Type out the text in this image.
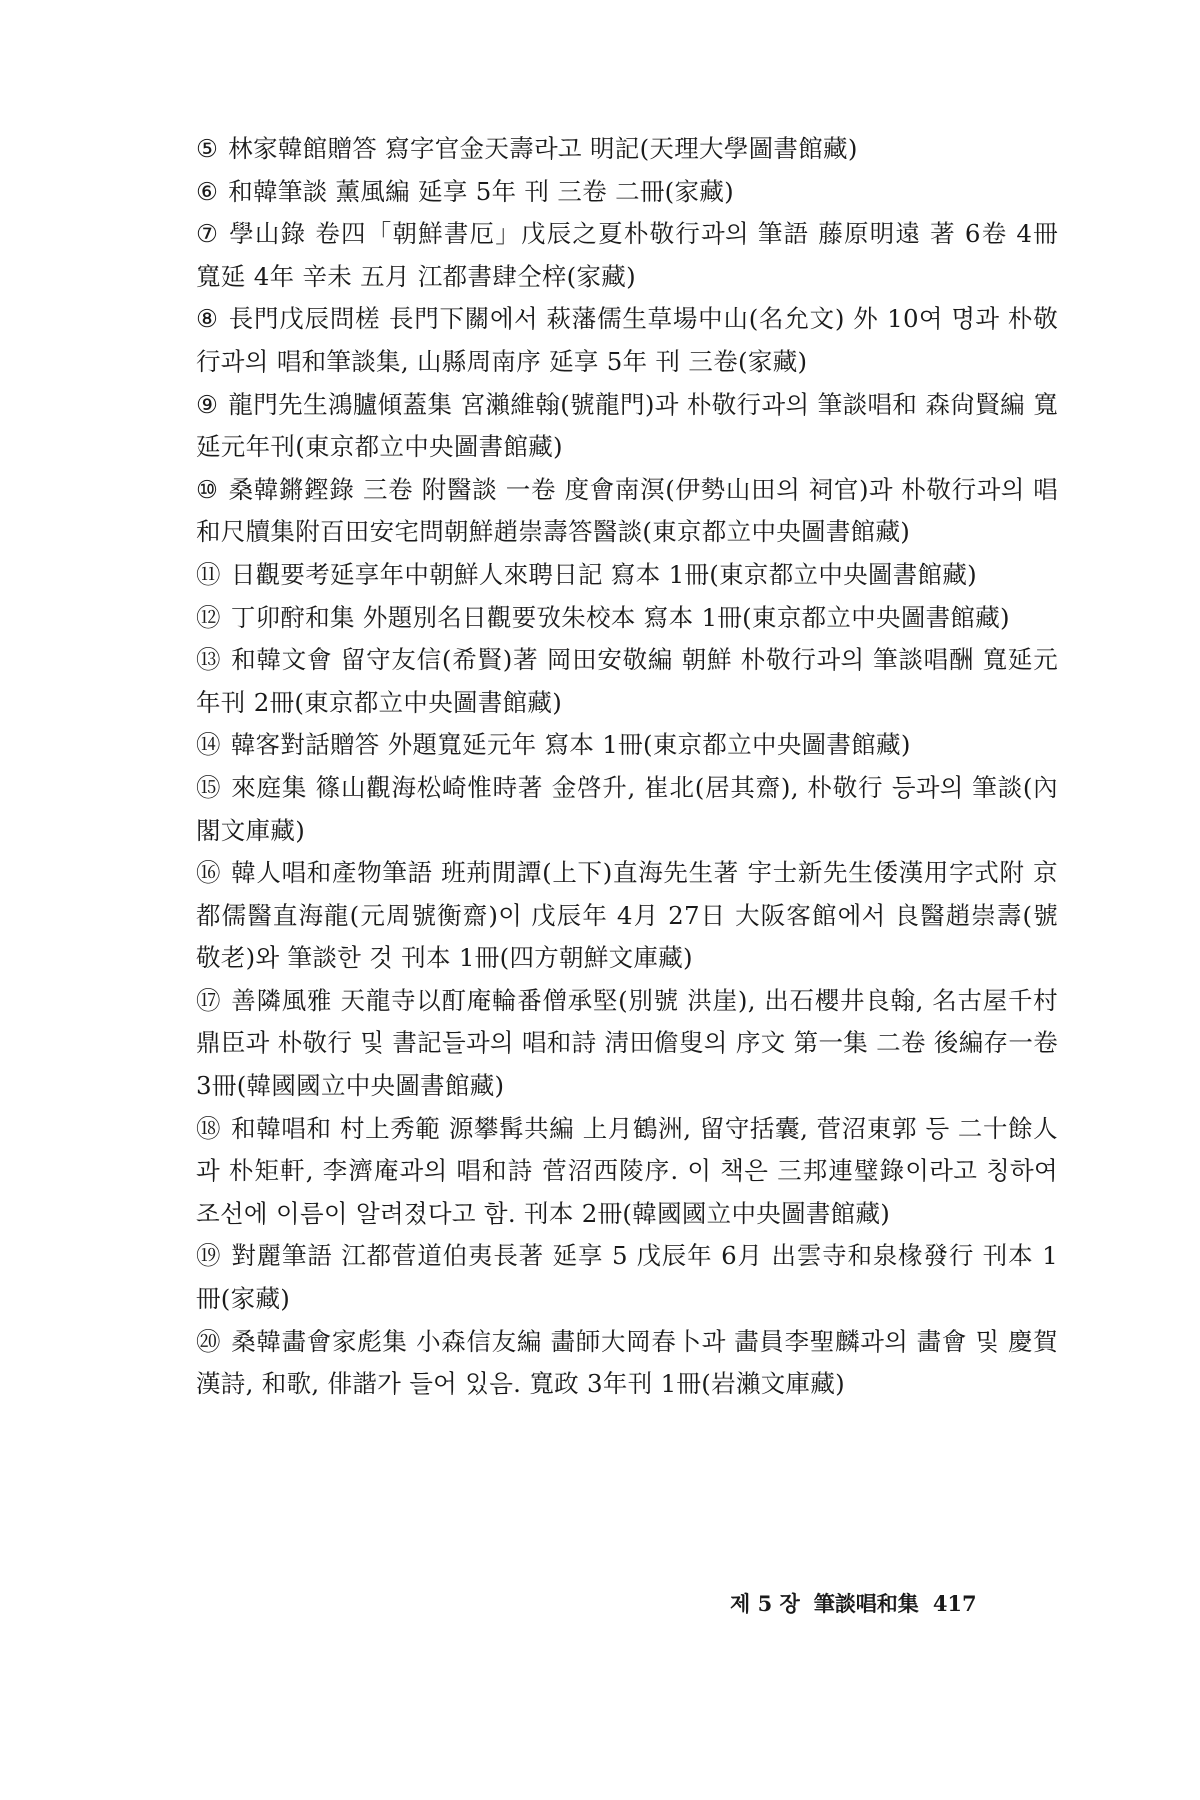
⑤ 林家韓館贈答 寫字官金天壽라고 明記(天理大學圖書館藏)
⑥ 和韓筆談 薰風編 延享 5年 刊 三卷 二冊(家藏)
⑦ 學山錄 卷四「朝鮮書厄」戊辰之夏朴敬行과의 筆語 藤原明遠 著 6卷 4冊 寬延 4年 辛未 五月 江都書肆仝梓(家藏)
⑧ 長門戊辰問槎 長門下關에서 萩藩儒生草場中山(名允文) 外 10여 명과 朴敬行과의 唱和筆談集, 山縣周南序 延享 5年 刊 三卷(家藏)
⑨ 龍門先生鴻臚傾蓋集 宮瀨維翰(號龍門)과 朴敬行과의 筆談唱和 森尙賢編 寬延元年刊(東京都立中央圖書館藏)
⑩ 桑韓鏘鏗錄 三卷 附醫談 一卷 度會南溟(伊勢山田의 祠官)과 朴敬行과의 唱和尺牘集附百田安宅問朝鮮趙崇壽答醫談(東京都立中央圖書館藏)
⑪ 日觀要考延享年中朝鮮人來聘日記 寫本 1冊(東京都立中央圖書館藏)
⑫ 丁卯酧和集 外題別名日觀要攷朱校本 寫本 1冊(東京都立中央圖書館藏)
⑬ 和韓文會 留守友信(希賢)著 岡田安敬編 朝鮮 朴敬行과의 筆談唱酬 寬延元年刊 2冊(東京都立中央圖書館藏)
⑭ 韓客對話贈答 外題寬延元年 寫本 1冊(東京都立中央圖書館藏)
⑮ 來庭集 篠山觀海松崎惟時著 金啓升, 崔北(居其齋), 朴敬行 등과의 筆談(內閣文庫藏)
⑯ 韓人唱和產物筆語 班荊閒譚(上下)直海先生著 宇士新先生倭漢用字式附 京都儒醫直海龍(元周號衡齋)이 戊辰年 4月 27日 大阪客館에서 良醫趙崇壽(號 敬老)와 筆談한 것 刊本 1冊(四方朝鮮文庫藏)
⑰ 善隣風雅 天龍寺以酊庵輪番僧承堅(別號 洪崖), 出石櫻井良翰, 名古屋千村鼎臣과 朴敬行 및 書記들과의 唱和詩 淸田儋叟의 序文 第一集 二卷 後編存一卷 3冊(韓國國立中央圖書館藏)
⑱ 和韓唱和 村上秀範 源攀髯共編 上月鶴洲, 留守括囊, 菅沼東郭 등 二十餘人과 朴矩軒, 李濟庵과의 唱和詩 菅沼西陵序. 이 책은 三邦連璧錄이라고 칭하여 조선에 이름이 알려졌다고 함. 刊本 2冊(韓國國立中央圖書館藏)
⑲ 對麗筆語 江都菅道伯夷長著 延享 5 戊辰年 6月 出雲寺和泉椽發行 刊本 1冊(家藏)
⑳ 桑韓畵會家彪集 小森信友編 畵師大岡春卜과 畵員李聖麟과의 畵會 및 慶賀漢詩, 和歌, 俳諧가 들어 있음. 寬政 3年刊 1冊(岩瀨文庫藏)
제 5 장 筆談唱和集 417
